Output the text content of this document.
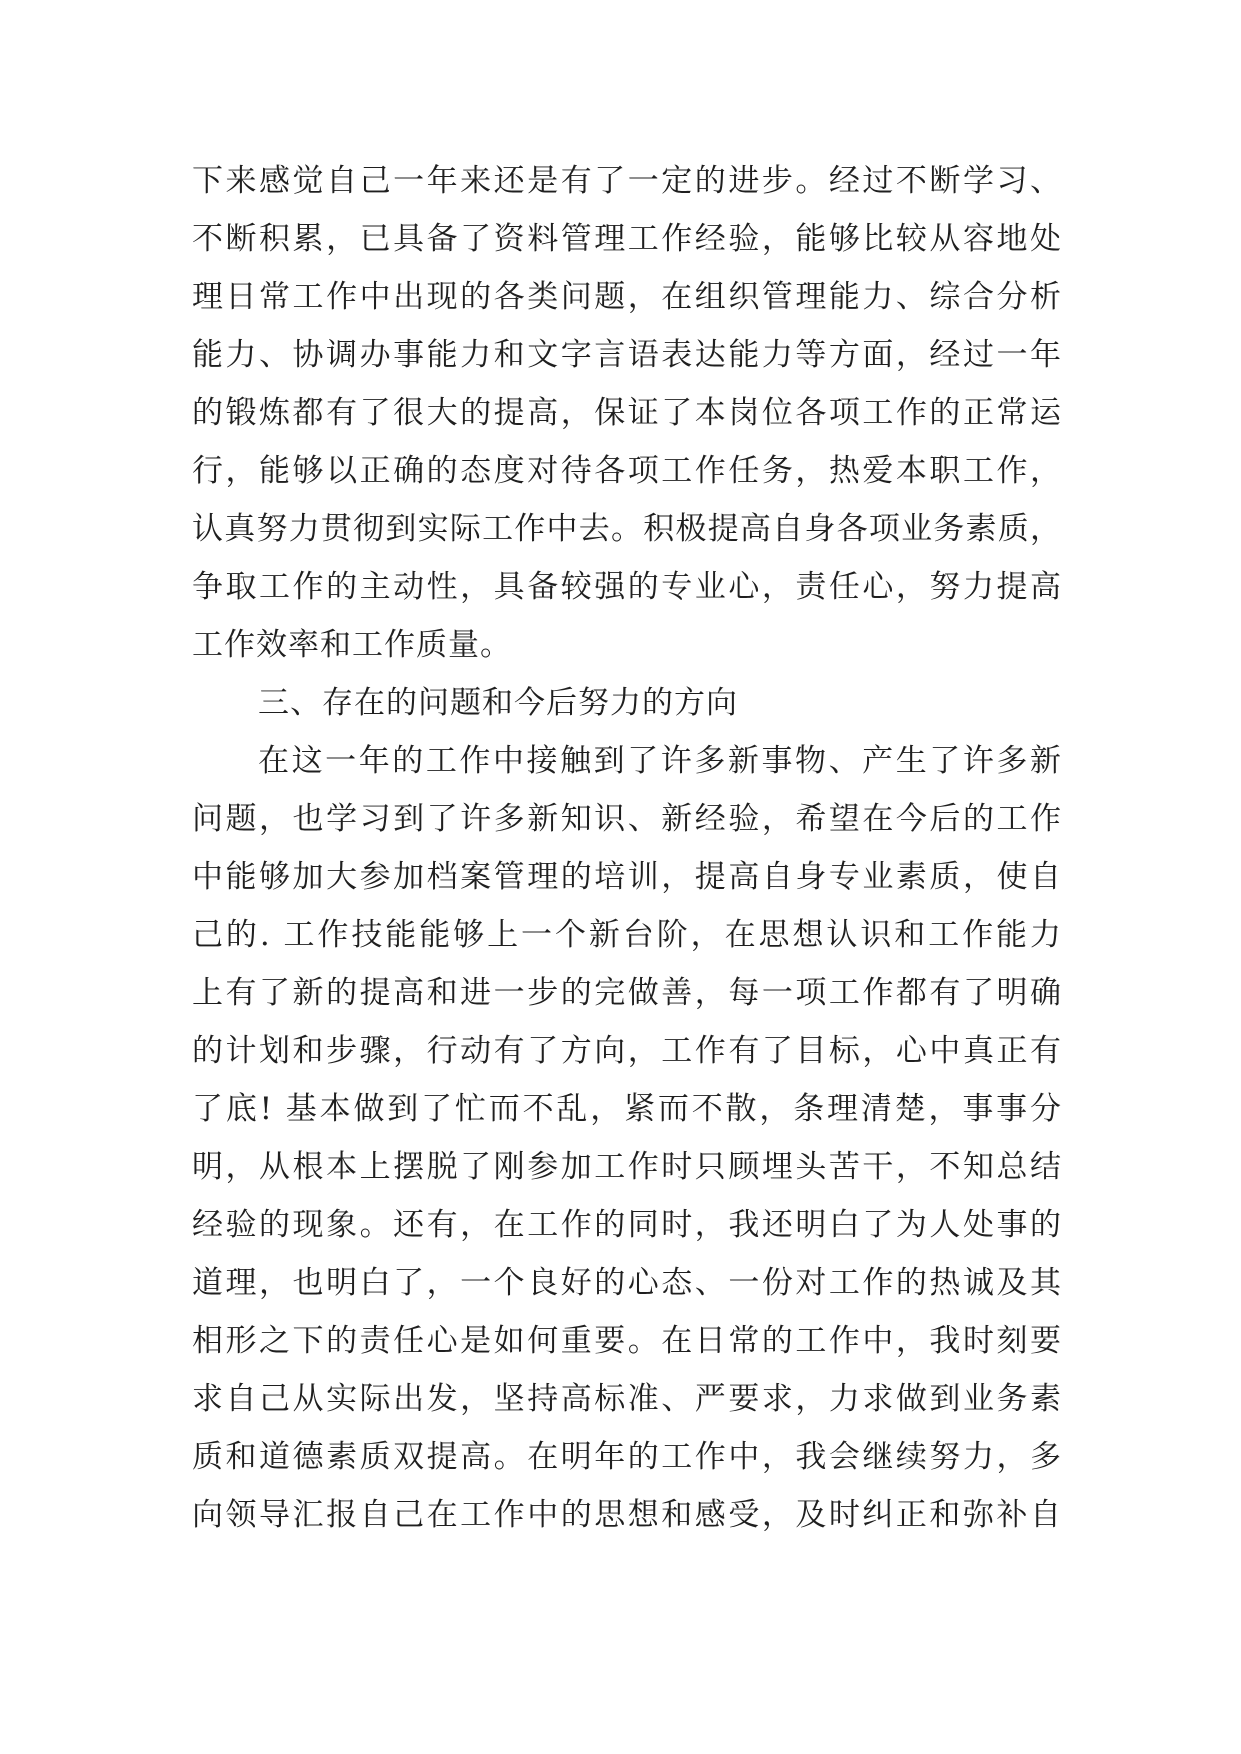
下来感觉自己一年来还是有了一定的进步。经过不断学习、
不断积累，已具备了资料管理工作经验，能够比较从容地处
理日常工作中出现的各类问题，在组织管理能力、综合分析
能力、协调办事能力和文字言语表达能力等方面，经过一年
的锻炼都有了很大的提高，保证了本岗位各项工作的正常运
行，能够以正确的态度对待各项工作任务，热爱本职工作，
认真努力贯彻到实际工作中去。积极提高自身各项业务素质，
争取工作的主动性，具备较强的专业心，责任心，努力提高
工作效率和工作质量。
三、存在的问题和今后努力的方向
在这一年的工作中接触到了许多新事物、产生了许多新
问题，也学习到了许多新知识、新经验，希望在今后的工作
中能够加大参加档案管理的培训，提高自身专业素质，使自
己的. 工作技能能够上一个新台阶，在思想认识和工作能力
上有了新的提高和进一步的完做善，每一项工作都有了明确
的计划和步骤，行动有了方向，工作有了目标，心中真正有
了底! 基本做到了忙而不乱，紧而不散，条理清楚，事事分
明，从根本上摆脱了刚参加工作时只顾埋头苦干，不知总结
经验的现象。还有，在工作的同时，我还明白了为人处事的
道理，也明白了，一个良好的心态、一份对工作的热诚及其
相形之下的责任心是如何重要。在日常的工作中，我时刻要
求自己从实际出发，坚持高标准、严要求，力求做到业务素
质和道德素质双提高。在明年的工作中，我会继续努力，多
向领导汇报自己在工作中的思想和感受，及时纠正和弥补自
